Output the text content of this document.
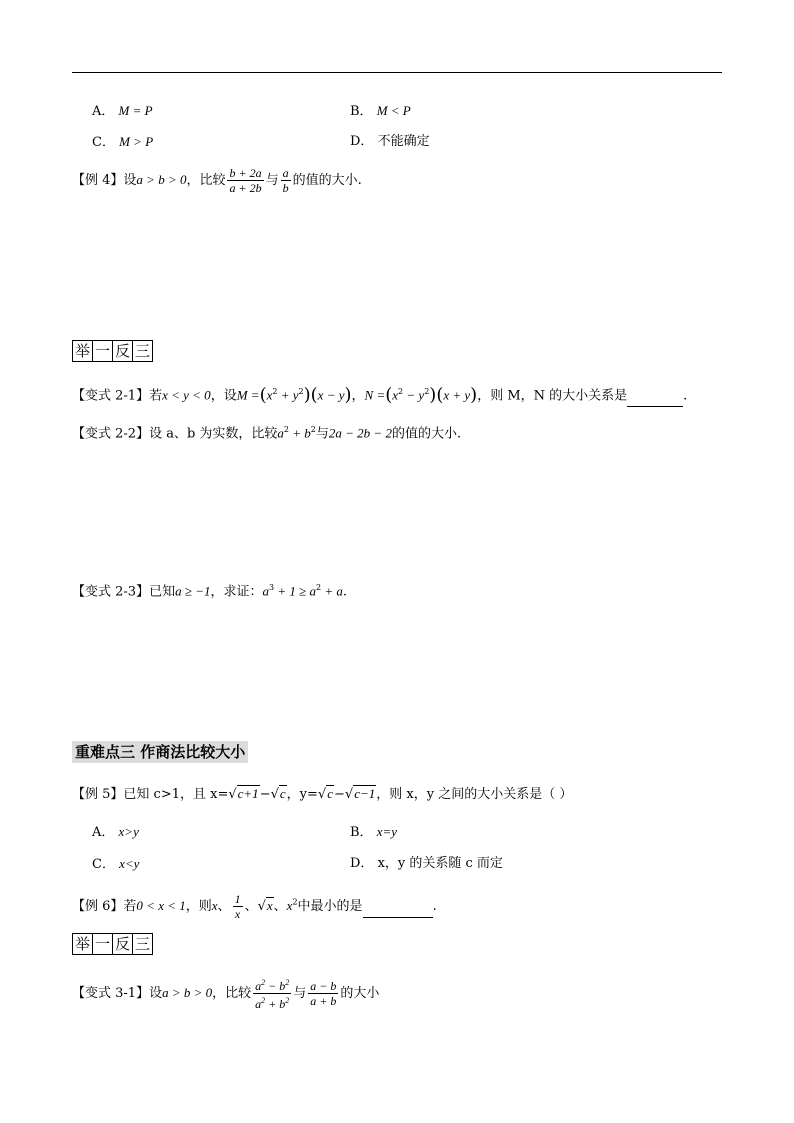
A． M = P	B． M < P
C． M > P	D． 不能确定
【例 4】设a > b > 0，比较 $\frac{b + 2a}{a + 2b}$ 与 $\frac{a}{b}$ 的值的大小.
举 一 反 三
【变式 2-1】若x < y < 0，设$M =(x^2 + y^2)(x - y)$，$N =(x^2 - y^2)(x + y)$，则 M，N 的大小关系是	.
【变式 2-2】设 a、b 为实数，比较$a^2 + b^2$与2a − 2b − 2的值的大小.
【变式 2-3】已知a ≥ −1，求证：$a^3 + 1 \ge a^2 + a$.
重难点三 作商法比较大小
【例 5】已知 c>1，且 x=√c+1−√c，y=√c−√c−1，则 x，y 之间的大小关系是（ ）
A． x>y	B． x=y
C． x<y	D． x，y 的关系随 c 而定
【例 6】若0 < x < 1，则x、 $\frac{1}{x}$ 、√x、$x^2$中最小的是	.
举 一 反 三
【变式 3-1】设a > b > 0，比较 $\frac{a^2 - b^2}{a^2 + b^2}$ 与 $\frac{a - b}{a + b}$ 的大小
